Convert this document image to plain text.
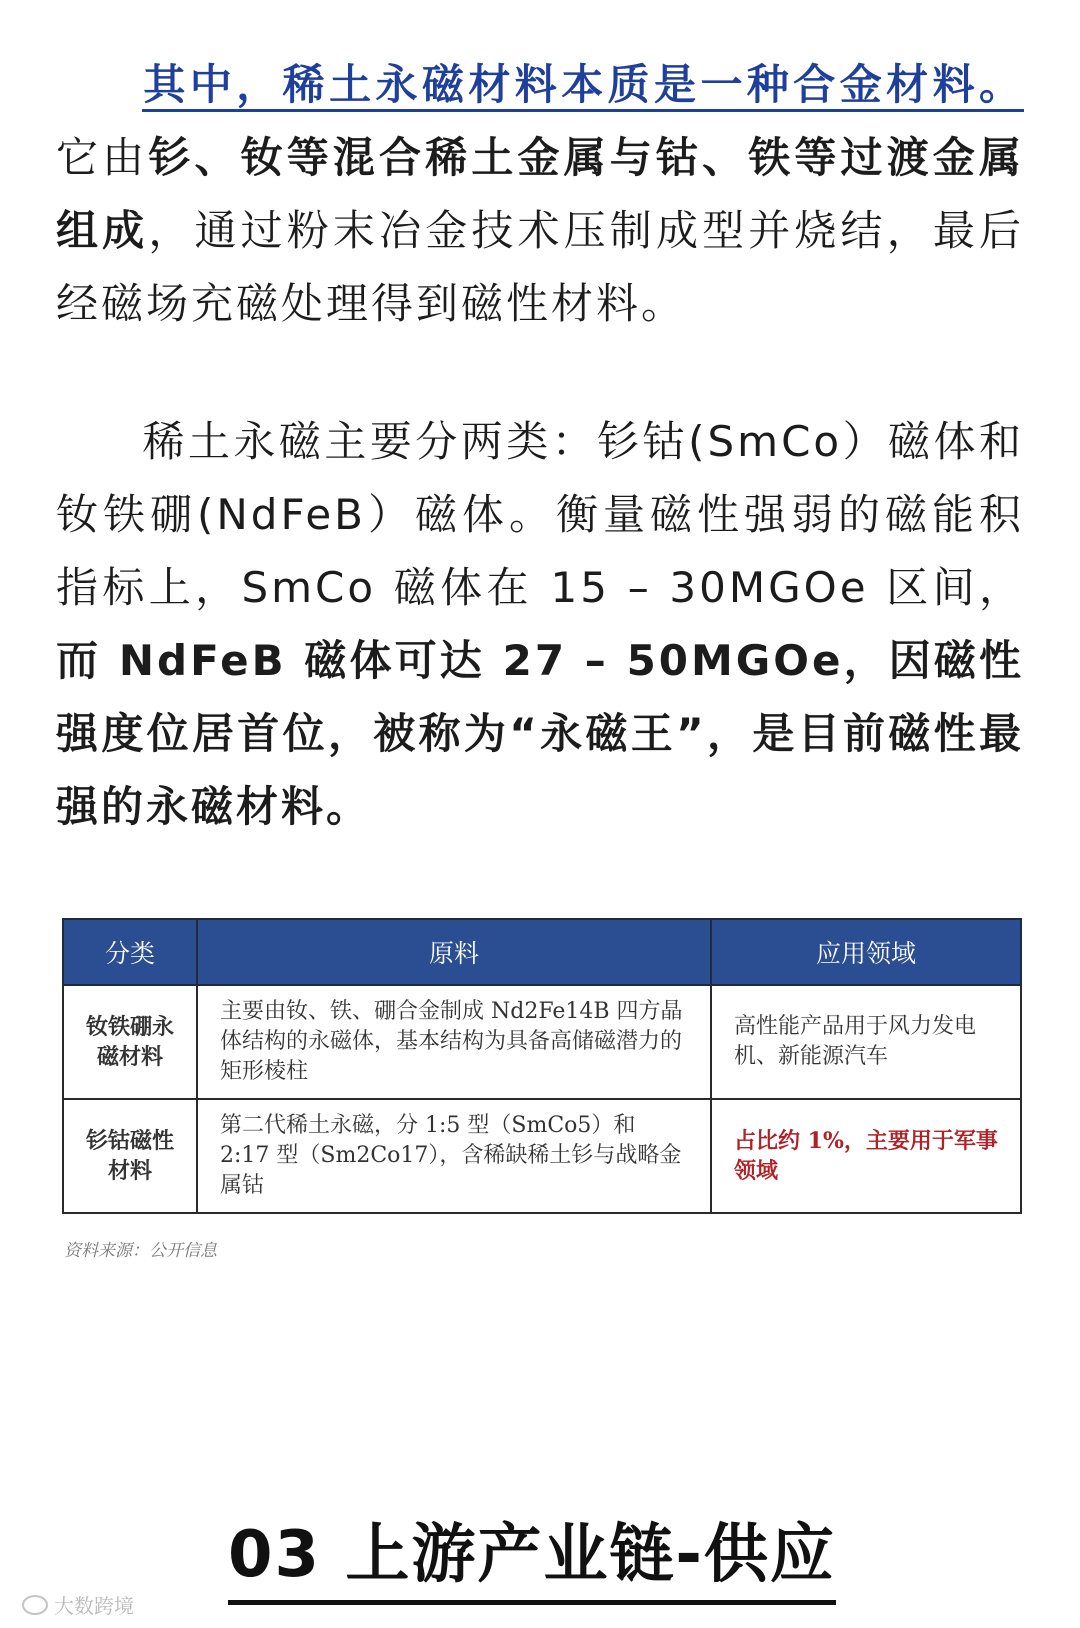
其中，稀土永磁材料本质是一种合金材料。它由钐、钕等混合稀土金属与钴、铁等过渡金属组成，通过粉末冶金技术压制成型并烧结，最后经磁场充磁处理得到磁性材料。

稀土永磁主要分两类：钐钴(SmCo）磁体和钕铁硼(NdFeB）磁体。衡量磁性强弱的磁能积指标上，SmCo 磁体在 15 – 30MGOe 区间，而 NdFeB 磁体可达 27 – 50MGOe，因磁性强度位居首位，被称为“永磁王”，是目前磁性最强的永磁材料。

分类	原料	应用领域
钕铁硼永磁材料	主要由钕、铁、硼合金制成 Nd2Fe14B 四方晶体结构的永磁体，基本结构为具备高储磁潜力的矩形棱柱	高性能产品用于风力发电机、新能源汽车
钐钴磁性材料	第二代稀土永磁，分 1:5 型（SmCo5）和 2:17 型（Sm2Co17），含稀缺稀土钐与战略金属钴	占比约 1%，主要用于军事领域
资料来源：公开信息
03 上游产业链-供应
大数跨境
